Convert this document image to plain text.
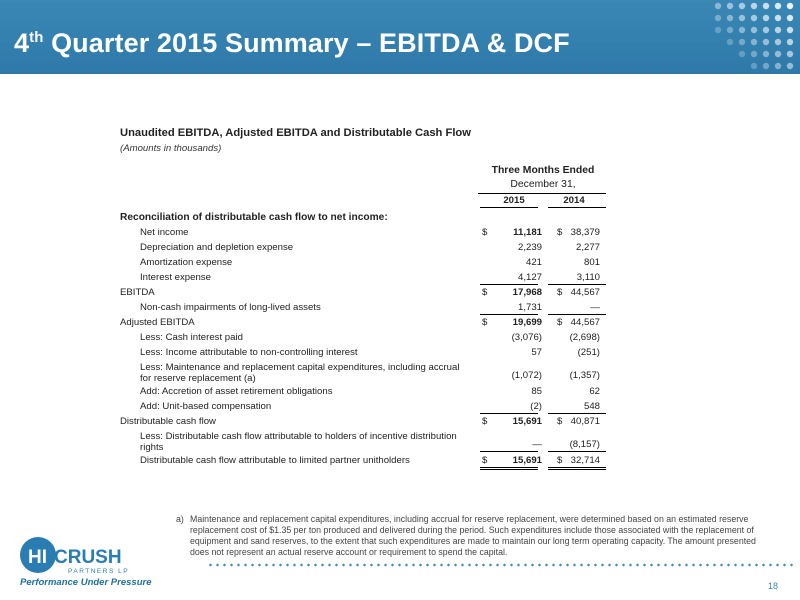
4th Quarter 2015 Summary – EBITDA & DCF
Unaudited EBITDA, Adjusted EBITDA and Distributable Cash Flow
(Amounts in thousands)
Three Months Ended
December 31,
2015	2014
Reconciliation of distributable cash flow to net income:
Net income	$	11,181 $ 38,379
Depreciation and depletion expense	2,239	2,277
Amortization expense	421	801
Interest expense	4,127	3,110
EBITDA	$	17,968 $ 44,567
Non-cash impairments of long-lived assets	1,731	—
Adjusted EBITDA	$	19,699 $ 44,567
Less: Cash interest paid	(3,076)	(2,698)
Less: Income attributable to non-controlling interest	57	(251)
Less: Maintenance and replacement capital expenditures, including accrual
for reserve replacement (a)	(1,072)	(1,357)
Add: Accretion of asset retirement obligations	85	62
Add: Unit-based compensation	(2)	548
Distributable cash flow	$	15,691 $ 40,871
Less: Distributable cash flow attributable to holders of incentive distribution
rights	—	(8,157)
Distributable cash flow attributable to limited partner unitholders	$	15,691 $ 32,714
a) Maintenance and replacement capital expenditures, including accrual for reserve replacement, were determined based on an estimated reserve replacement cost of $1.35 per ton produced and delivered during the period. Such expenditures include those associated with the replacement of equipment and sand reserves, to the extent that such expenditures are made to maintain our long term operating capacity. The amount presented does not represent an actual reserve account or requirement to spend the capital.
18
HI CRUSH
PARTNERS LP
Performance Under Pressure
